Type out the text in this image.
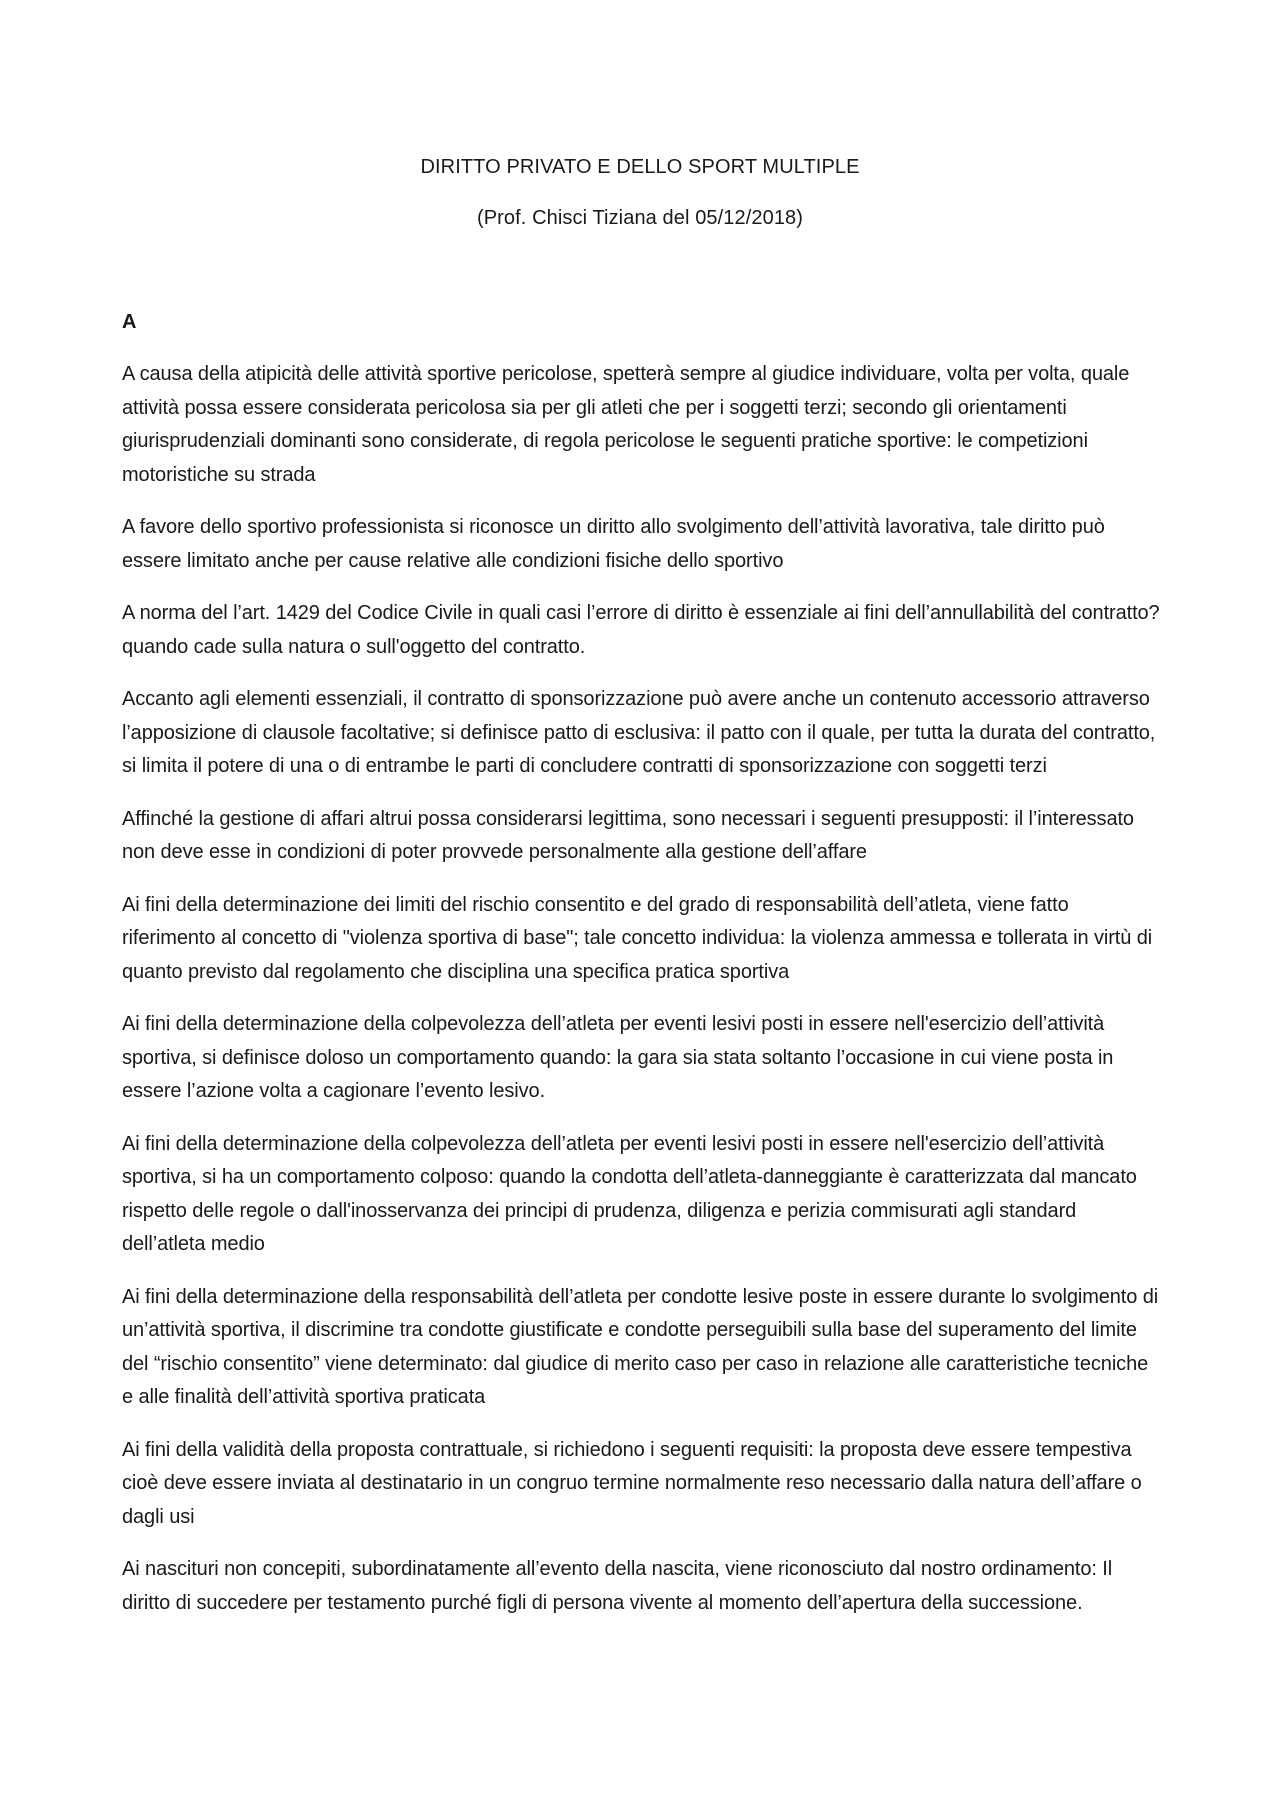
DIRITTO PRIVATO E DELLO SPORT MULTIPLE

(Prof. Chisci Tiziana del 05/12/2018)

A

A causa della atipicità delle attività sportive pericolose, spetterà sempre al giudice individuare, volta per volta, quale attività possa essere considerata pericolosa sia per gli atleti che per i soggetti terzi; secondo gli orientamenti giurisprudenziali dominanti sono considerate, di regola pericolose le seguenti pratiche sportive: le competizioni motoristiche su strada

A favore dello sportivo professionista si riconosce un diritto allo svolgimento dell’attività lavorativa, tale diritto può essere limitato anche per cause relative alle condizioni fisiche dello sportivo

A norma del l’art. 1429 del Codice Civile in quali casi l’errore di diritto è essenziale ai fini dell’annullabilità del contratto? quando cade sulla natura o sull'oggetto del contratto.

Accanto agli elementi essenziali, il contratto di sponsorizzazione può avere anche un contenuto accessorio attraverso l’apposizione di clausole facoltative; si definisce patto di esclusiva: il patto con il quale, per tutta la durata del contratto, si limita il potere di una o di entrambe le parti di concludere contratti di sponsorizzazione con soggetti terzi

Affinché la gestione di affari altrui possa considerarsi legittima, sono necessari i seguenti presupposti: il l’interessato non deve esse in condizioni di poter provvede personalmente alla gestione dell’affare

Ai fini della determinazione dei limiti del rischio consentito e del grado di responsabilità dell’atleta, viene fatto riferimento al concetto di "violenza sportiva di base"; tale concetto individua: la violenza ammessa e tollerata in virtù di quanto previsto dal regolamento che disciplina una specifica pratica sportiva

Ai fini della determinazione della colpevolezza dell’atleta per eventi lesivi posti in essere nell'esercizio dell’attività sportiva, si definisce doloso un comportamento quando: la gara sia stata soltanto l’occasione in cui viene posta in essere l’azione volta a cagionare l’evento lesivo.

Ai fini della determinazione della colpevolezza dell’atleta per eventi lesivi posti in essere nell'esercizio dell’attività sportiva, si ha un comportamento colposo: quando la condotta dell’atleta-danneggiante è caratterizzata dal mancato rispetto delle regole o dall'inosservanza dei principi di prudenza, diligenza e perizia commisurati agli standard dell’atleta medio

Ai fini della determinazione della responsabilità dell’atleta per condotte lesive poste in essere durante lo svolgimento di un’attività sportiva, il discrimine tra condotte giustificate e condotte perseguibili sulla base del superamento del limite del “rischio consentito” viene determinato: dal giudice di merito caso per caso in relazione alle caratteristiche tecniche e alle finalità dell’attività sportiva praticata

Ai fini della validità della proposta contrattuale, si richiedono i seguenti requisiti: la proposta deve essere tempestiva cioè deve essere inviata al destinatario in un congruo termine normalmente reso necessario dalla natura dell’affare o dagli usi

Ai nascituri non concepiti, subordinatamente all’evento della nascita, viene riconosciuto dal nostro ordinamento: Il diritto di succedere per testamento purché figli di persona vivente al momento dell’apertura della successione.
